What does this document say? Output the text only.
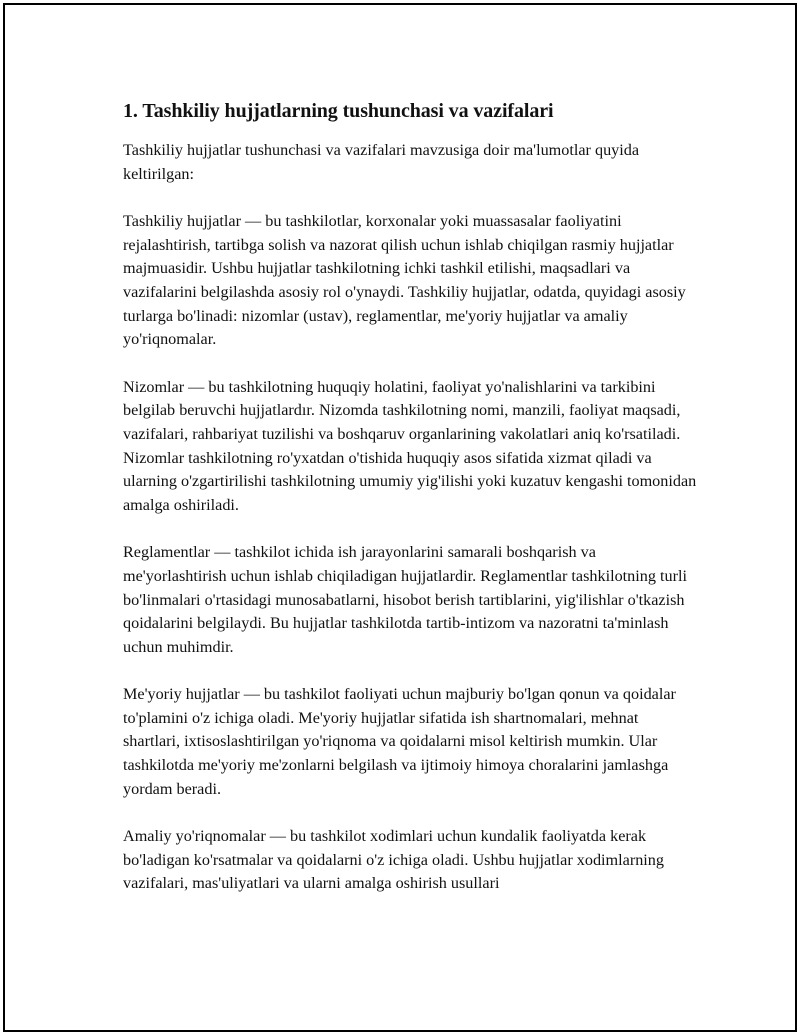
1. Tashkiliy hujjatlarning tushunchasi va vazifalari

Tashkiliy hujjatlar tushunchasi va vazifalari mavzusiga doir ma'lumotlar quyida keltirilgan:

Tashkiliy hujjatlar — bu tashkilotlar, korxonalar yoki muassasalar faoliyatini rejalashtirish, tartibga solish va nazorat qilish uchun ishlab chiqilgan rasmiy hujjatlar majmuasidir. Ushbu hujjatlar tashkilotning ichki tashkil etilishi, maqsadlari va vazifalarini belgilashda asosiy rol o'ynaydi. Tashkiliy hujjatlar, odatda, quyidagi asosiy turlarga bo'linadi: nizomlar (ustav), reglamentlar, me'yoriy hujjatlar va amaliy yo'riqnomalar.

Nizomlar — bu tashkilotning huquqiy holatini, faoliyat yo'nalishlarini va tarkibini belgilab beruvchi hujjatlardır. Nizomda tashkilotning nomi, manzili, faoliyat maqsadi, vazifalari, rahbariyat tuzilishi va boshqaruv organlarining vakolatlari aniq ko'rsatiladi. Nizomlar tashkilotning ro'yxatdan o'tishida huquqiy asos sifatida xizmat qiladi va ularning o'zgartirilishi tashkilotning umumiy yig'ilishi yoki kuzatuv kengashi tomonidan amalga oshiriladi.

Reglamentlar — tashkilot ichida ish jarayonlarini samarali boshqarish va me'yorlashtirish uchun ishlab chiqiladigan hujjatlardir. Reglamentlar tashkilotning turli bo'linmalari o'rtasidagi munosabatlarni, hisobot berish tartiblarini, yig'ilishlar o'tkazish qoidalarini belgilaydi. Bu hujjatlar tashkilotda tartib-intizom va nazoratni ta'minlash uchun muhimdir.

Me'yoriy hujjatlar — bu tashkilot faoliyati uchun majburiy bo'lgan qonun va qoidalar to'plamini o'z ichiga oladi. Me'yoriy hujjatlar sifatida ish shartnomalari, mehnat shartlari, ixtisoslashtirilgan yo'riqnoma va qoidalarni misol keltirish mumkin. Ular tashkilotda me'yoriy me'zonlarni belgilash va ijtimoiy himoya choralarini jamlashga yordam beradi.

Amaliy yo'riqnomalar — bu tashkilot xodimlari uchun kundalik faoliyatda kerak bo'ladigan ko'rsatmalar va qoidalarni o'z ichiga oladi. Ushbu hujjatlar xodimlarning vazifalari, mas'uliyatlari va ularni amalga oshirish usullari
